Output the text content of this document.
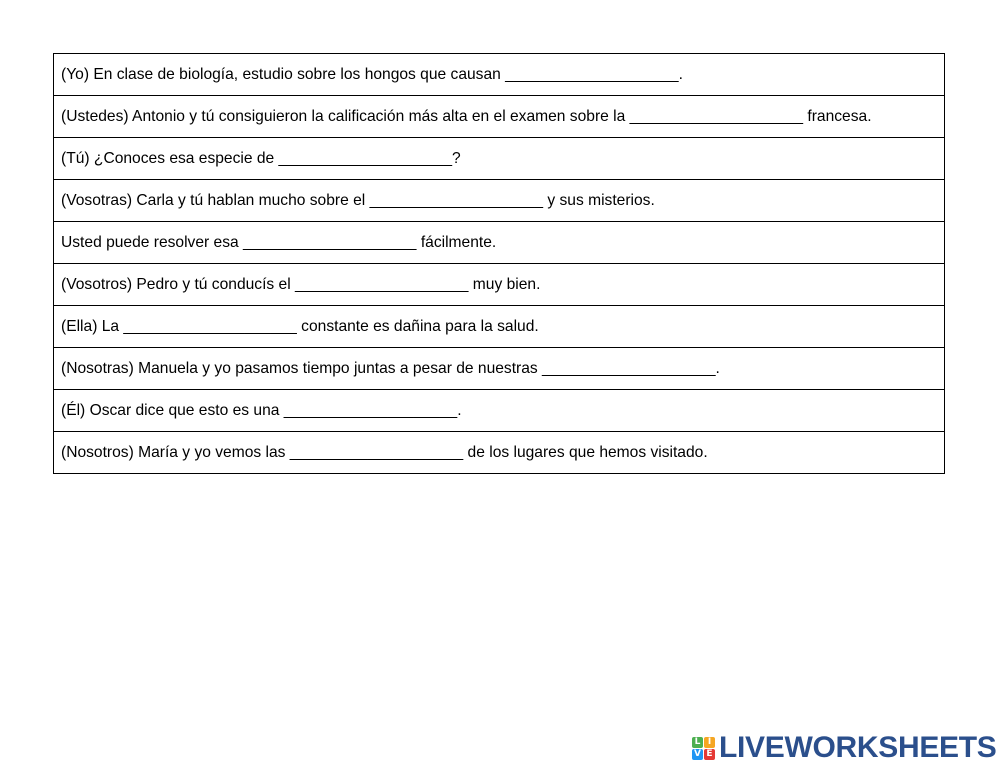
(Yo) En clase de biología, estudio sobre los hongos que causan ____________________.
(Ustedes) Antonio y tú consiguieron la calificación más alta en el examen sobre la ____________________ francesa.
(Tú) ¿Conoces esa especie de ____________________?
(Vosotras) Carla y tú hablan mucho sobre el ____________________ y sus misterios.
Usted puede resolver esa ____________________ fácilmente.
(Vosotros) Pedro y tú conducís el ____________________ muy bien.
(Ella) La ____________________ constante es dañina para la salud.
(Nosotras) Manuela y yo pasamos tiempo juntas a pesar de nuestras ____________________.
(Él) Oscar dice que esto es una ____________________.
(Nosotros) María y yo vemos las ____________________ de los lugares que hemos visitado.
L I
V E LIVEWORKSHEETS
